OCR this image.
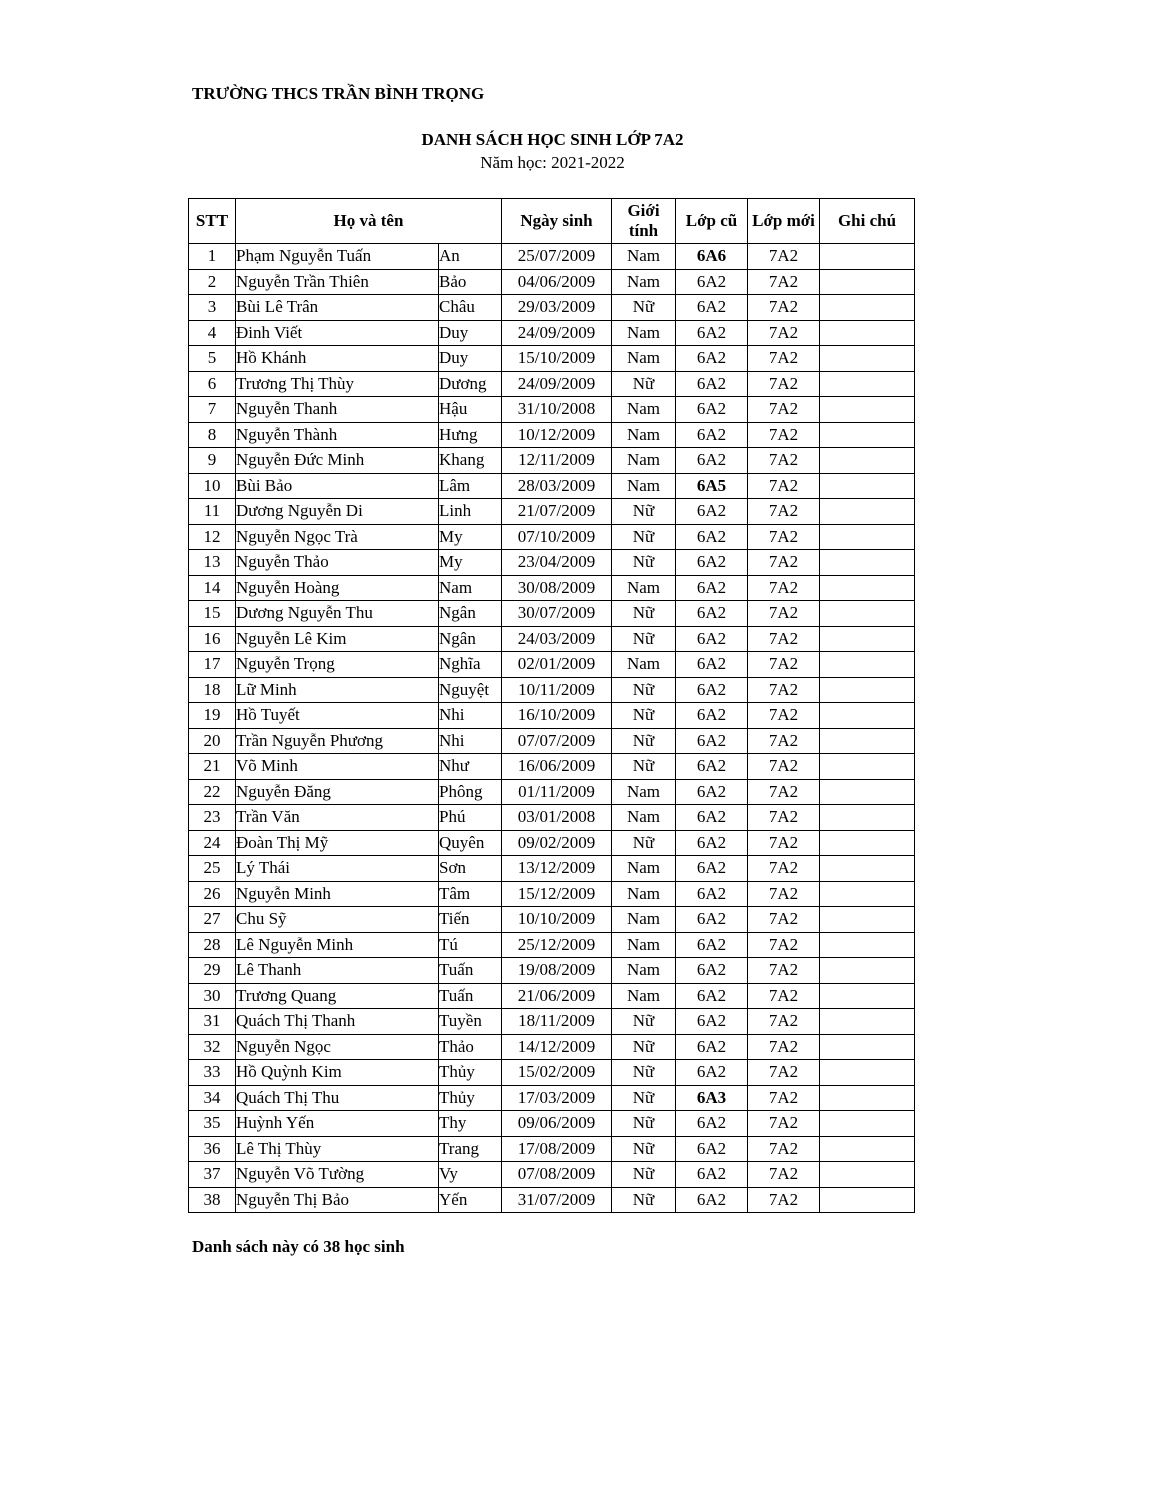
TRƯỜNG THCS TRẦN BÌNH TRỌNG
DANH SÁCH HỌC SINH LỚP 7A2
Năm học: 2021-2022
STT	Họ và tên		Ngày sinh	Giới tính	Lớp cũ	Lớp mới	Ghi chú
1	Phạm Nguyễn Tuấn	An	25/07/2009	Nam	6A6	7A2	
2	Nguyễn Trần Thiên	Bảo	04/06/2009	Nam	6A2	7A2	
3	Bùi Lê Trân	Châu	29/03/2009	Nữ	6A2	7A2	
4	Đinh Viết	Duy	24/09/2009	Nam	6A2	7A2	
5	Hồ Khánh	Duy	15/10/2009	Nam	6A2	7A2	
6	Trương Thị Thùy	Dương	24/09/2009	Nữ	6A2	7A2	
7	Nguyễn Thanh	Hậu	31/10/2008	Nam	6A2	7A2	
8	Nguyễn Thành	Hưng	10/12/2009	Nam	6A2	7A2	
9	Nguyễn Đức Minh	Khang	12/11/2009	Nam	6A2	7A2	
10	Bùi Bảo	Lâm	28/03/2009	Nam	6A5	7A2	
11	Dương Nguyễn Di	Linh	21/07/2009	Nữ	6A2	7A2	
12	Nguyễn Ngọc Trà	My	07/10/2009	Nữ	6A2	7A2	
13	Nguyễn Thảo	My	23/04/2009	Nữ	6A2	7A2	
14	Nguyễn Hoàng	Nam	30/08/2009	Nam	6A2	7A2	
15	Dương Nguyễn Thu	Ngân	30/07/2009	Nữ	6A2	7A2	
16	Nguyễn Lê Kim	Ngân	24/03/2009	Nữ	6A2	7A2	
17	Nguyễn Trọng	Nghĩa	02/01/2009	Nam	6A2	7A2	
18	Lữ Minh	Nguyệt	10/11/2009	Nữ	6A2	7A2	
19	Hồ Tuyết	Nhi	16/10/2009	Nữ	6A2	7A2	
20	Trần Nguyễn Phương	Nhi	07/07/2009	Nữ	6A2	7A2	
21	Võ Minh	Như	16/06/2009	Nữ	6A2	7A2	
22	Nguyễn Đăng	Phông	01/11/2009	Nam	6A2	7A2	
23	Trần Văn	Phú	03/01/2008	Nam	6A2	7A2	
24	Đoàn Thị Mỹ	Quyên	09/02/2009	Nữ	6A2	7A2	
25	Lý Thái	Sơn	13/12/2009	Nam	6A2	7A2	
26	Nguyễn Minh	Tâm	15/12/2009	Nam	6A2	7A2	
27	Chu Sỹ	Tiến	10/10/2009	Nam	6A2	7A2	
28	Lê Nguyễn Minh	Tú	25/12/2009	Nam	6A2	7A2	
29	Lê Thanh	Tuấn	19/08/2009	Nam	6A2	7A2	
30	Trương Quang	Tuấn	21/06/2009	Nam	6A2	7A2	
31	Quách Thị Thanh	Tuyền	18/11/2009	Nữ	6A2	7A2	
32	Nguyễn Ngọc	Thảo	14/12/2009	Nữ	6A2	7A2	
33	Hồ Quỳnh Kim	Thủy	15/02/2009	Nữ	6A2	7A2	
34	Quách Thị Thu	Thủy	17/03/2009	Nữ	6A3	7A2	
35	Huỳnh Yến	Thy	09/06/2009	Nữ	6A2	7A2	
36	Lê Thị Thùy	Trang	17/08/2009	Nữ	6A2	7A2	
37	Nguyễn Võ Tường	Vy	07/08/2009	Nữ	6A2	7A2	
38	Nguyễn Thị Bảo	Yến	31/07/2009	Nữ	6A2	7A2	
Danh sách này có 38 học sinh
